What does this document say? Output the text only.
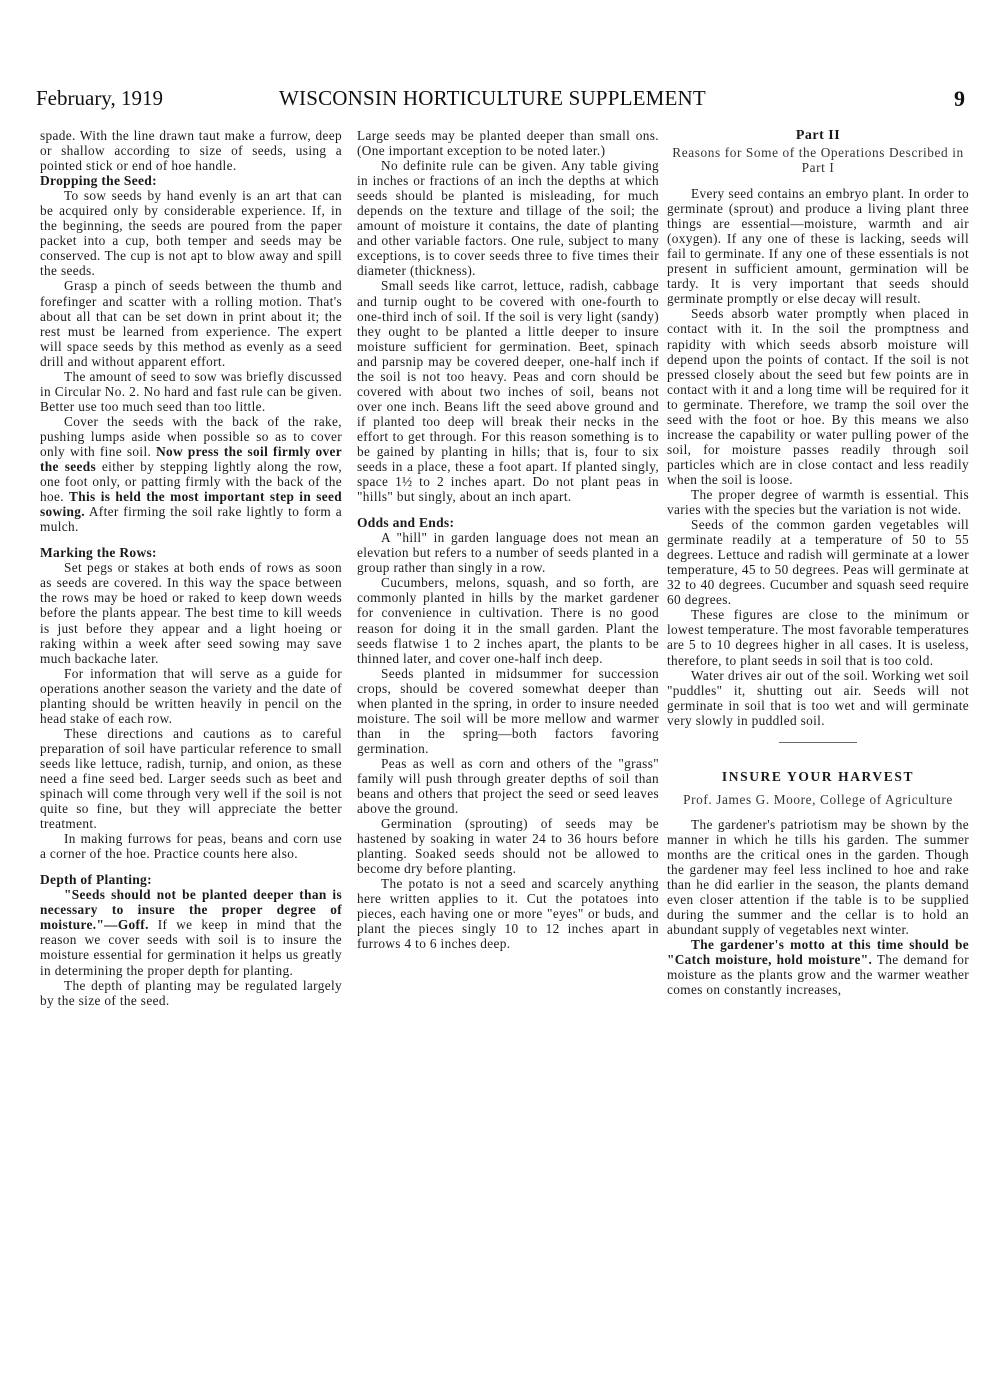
February, 1919	WISCONSIN HORTICULTURE SUPPLEMENT	9

spade. With the line drawn taut make a furrow, deep or shallow according to size of seeds, using a pointed stick or end of hoe handle.

Dropping the Seed:

To sow seeds by hand evenly is an art that can be acquired only by considerable experience. If, in the beginning, the seeds are poured from the paper packet into a cup, both temper and seeds may be conserved. The cup is not apt to blow away and spill the seeds.

Grasp a pinch of seeds between the thumb and forefinger and scatter with a rolling motion. That's about all that can be set down in print about it; the rest must be learned from experience. The expert will space seeds by this method as evenly as a seed drill and without apparent effort.

The amount of seed to sow was briefly discussed in Circular No. 2. No hard and fast rule can be given. Better use too much seed than too little.

Cover the seeds with the back of the rake, pushing lumps aside when possible so as to cover only with fine soil. Now press the soil firmly over the seeds either by stepping lightly along the row, one foot only, or patting firmly with the back of the hoe. This is held the most important step in seed sowing. After firming the soil rake lightly to form a mulch.

Marking the Rows:

Set pegs or stakes at both ends of rows as soon as seeds are covered. In this way the space between the rows may be hoed or raked to keep down weeds before the plants appear. The best time to kill weeds is just before they appear and a light hoeing or raking within a week after seed sowing may save much backache later.

For information that will serve as a guide for operations another season the variety and the date of planting should be written heavily in pencil on the head stake of each row.

These directions and cautions as to careful preparation of soil have particular reference to small seeds like lettuce, radish, turnip, and onion, as these need a fine seed bed. Larger seeds such as beet and spinach will come through very well if the soil is not quite so fine, but they will appreciate the better treatment.

In making furrows for peas, beans and corn use a corner of the hoe. Practice counts here also.

Depth of Planting:

"Seeds should not be planted deeper than is necessary to insure the proper degree of moisture."—Goff. If we keep in mind that the reason we cover seeds with soil is to insure the moisture essential for germination it helps us greatly in determining the proper depth for planting.

The depth of planting may be regulated largely by the size of the seed.

Large seeds may be planted deeper than small ons. (One important exception to be noted later.)

No definite rule can be given. Any table giving in inches or fractions of an inch the depths at which seeds should be planted is misleading, for much depends on the texture and tillage of the soil; the amount of moisture it contains, the date of planting and other variable factors. One rule, subject to many exceptions, is to cover seeds three to five times their diameter (thickness).

Small seeds like carrot, lettuce, radish, cabbage and turnip ought to be covered with one-fourth to one-third inch of soil. If the soil is very light (sandy) they ought to be planted a little deeper to insure moisture sufficient for germination. Beet, spinach and parsnip may be covered deeper, one-half inch if the soil is not too heavy. Peas and corn should be covered with about two inches of soil, beans not over one inch. Beans lift the seed above ground and if planted too deep will break their necks in the effort to get through. For this reason something is to be gained by planting in hills; that is, four to six seeds in a place, these a foot apart. If planted singly, space 1½ to 2 inches apart. Do not plant peas in "hills" but singly, about an inch apart.

Odds and Ends:

A "hill" in garden language does not mean an elevation but refers to a number of seeds planted in a group rather than singly in a row.

Cucumbers, melons, squash, and so forth, are commonly planted in hills by the market gardener for convenience in cultivation. There is no good reason for doing it in the small garden. Plant the seeds flatwise 1 to 2 inches apart, the plants to be thinned later, and cover one-half inch deep.

Seeds planted in midsummer for succession crops, should be covered somewhat deeper than when planted in the spring, in order to insure needed moisture. The soil will be more mellow and warmer than in the spring—both factors favoring germination.

Peas as well as corn and others of the "grass" family will push through greater depths of soil than beans and others that project the seed or seed leaves above the ground.

Germination (sprouting) of seeds may be hastened by soaking in water 24 to 36 hours before planting. Soaked seeds should not be allowed to become dry before planting.

The potato is not a seed and scarcely anything here written applies to it. Cut the potatoes into pieces, each having one or more "eyes" or buds, and plant the pieces singly 10 to 12 inches apart in furrows 4 to 6 inches deep.

Part II
Reasons for Some of the Operations Described in Part I

Every seed contains an embryo plant. In order to germinate (sprout) and produce a living plant three things are essential—moisture, warmth and air (oxygen). If any one of these is lacking, seeds will fail to germinate. If any one of these essentials is not present in sufficient amount, germination will be tardy. It is very important that seeds should germinate promptly or else decay will result.

Seeds absorb water promptly when placed in contact with it. In the soil the promptness and rapidity with which seeds absorb moisture will depend upon the points of contact. If the soil is not pressed closely about the seed but few points are in contact with it and a long time will be required for it to germinate. Therefore, we tramp the soil over the seed with the foot or hoe. By this means we also increase the capability or water pulling power of the soil, for moisture passes readily through soil particles which are in close contact and less readily when the soil is loose.

The proper degree of warmth is essential. This varies with the species but the variation is not wide.

Seeds of the common garden vegetables will germinate readily at a temperature of 50 to 55 degrees. Lettuce and radish will germinate at a lower temperature, 45 to 50 degrees. Peas will germinate at 32 to 40 degrees. Cucumber and squash seed require 60 degrees.

These figures are close to the minimum or lowest temperature. The most favorable temperatures are 5 to 10 degrees higher in all cases. It is useless, therefore, to plant seeds in soil that is too cold.

Water drives air out of the soil. Working wet soil "puddles" it, shutting out air. Seeds will not germinate in soil that is too wet and will germinate very slowly in puddled soil.

INSURE YOUR HARVEST
Prof. James G. Moore, College of Agriculture

The gardener's patriotism may be shown by the manner in which he tills his garden. The summer months are the critical ones in the garden. Though the gardener may feel less inclined to hoe and rake than he did earlier in the season, the plants demand even closer attention if the table is to be supplied during the summer and the cellar is to hold an abundant supply of vegetables next winter.

The gardener's motto at this time should be "Catch moisture, hold moisture". The demand for moisture as the plants grow and the warmer weather comes on constantly increases,
